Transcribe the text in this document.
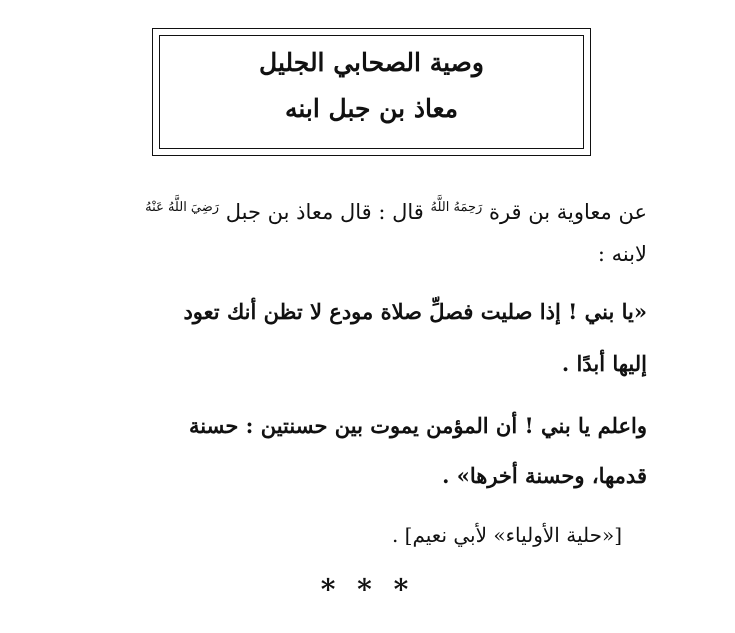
وصية الصحابي الجليل
معاذ بن جبل ابنه
عن معاوية بن قرة $^{رَحِمَهُ اللَّهُ}$ قال : قال معاذ بن جبل $^{رَضِيَ اللَّهُ عَنْهُ}$
لابنه :
«يا بني ! إذا صليت فصلِّ صلاة مودع لا تظن أنك تعود
إليها أبدًا .
واعلم يا بني ! أن المؤمن يموت بين حسنتين : حسنة
قدمها، وحسنة أخرها» .
[«حلية الأولياء» لأبي نعيم] .
* * *
